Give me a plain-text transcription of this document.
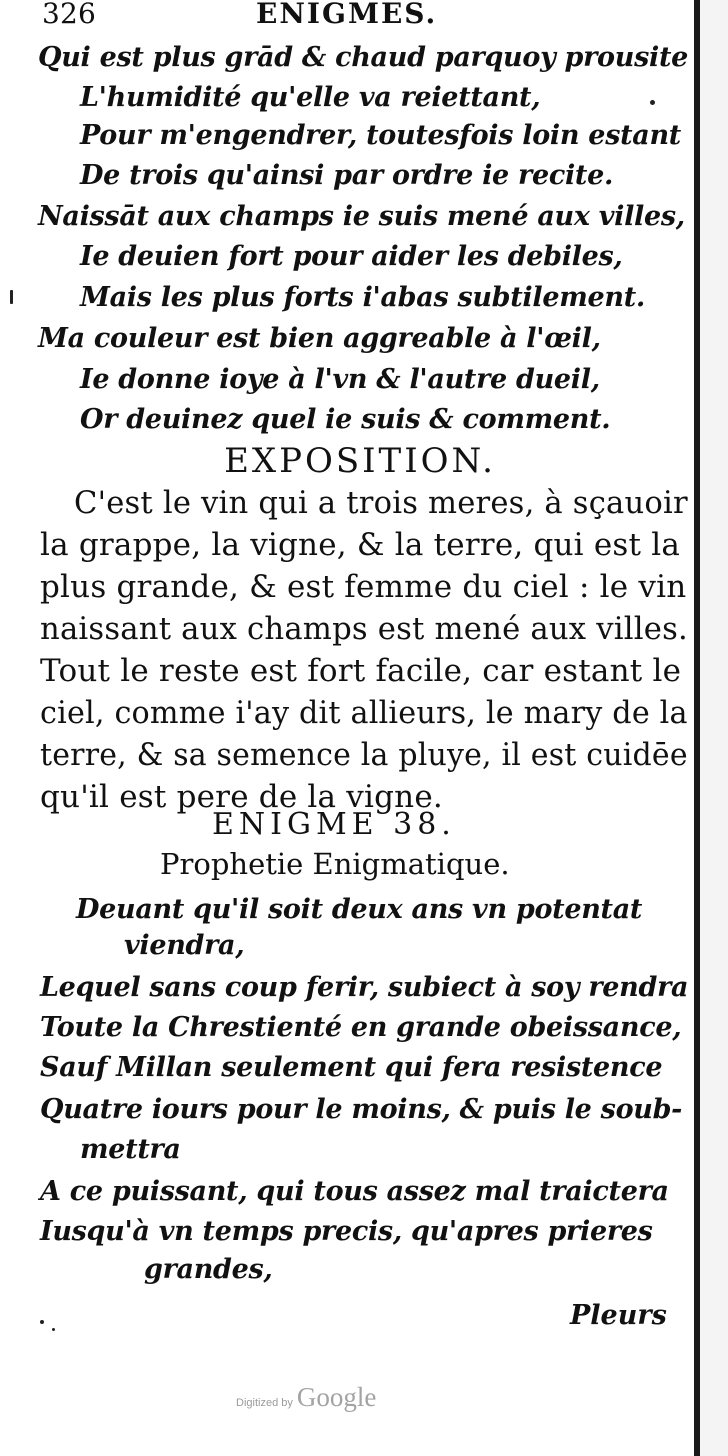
326	ENIGMES.
Qui est plus grād & chaud parquoy prousite
L'humidité qu'elle va reiettant,
Pour m'engendrer, toutesfois loin estant
De trois qu'ainsi par ordre ie recite.
Naissāt aux champs ie suis mené aux villes,
Ie deuien fort pour aider les debiles,
Mais les plus forts i'abas subtilement.
Ma couleur est bien aggreable à l'œil,
Ie donne ioye à l'vn & l'autre dueil,
Or deuinez quel ie suis & comment.
EXPOSITION.
C'est le vin qui a trois meres, à sçauoir
la grappe, la vigne, & la terre, qui est la
plus grande, & est femme du ciel : le vin
naissant aux champs est mené aux villes.
Tout le reste est fort facile, car estant le
ciel, comme i'ay dit allieurs, le mary de la
terre, & sa semence la pluye, il est cuidēe
qu'il est pere de la vigne.
ENIGME 38.
Prophetie Enigmatique.
Deuant qu'il soit deux ans vn potentat
viendra,
Lequel sans coup ferir, subiect à soy rendra
Toute la Chrestienté en grande obeissance,
Sauf Millan seulement qui fera resistence
Quatre iours pour le moins, & puis le soub-
mettra
A ce puissant, qui tous assez mal traictera
Iusqu'à vn temps precis, qu'apres prieres
grandes,
Pleurs
Digitized by Google
